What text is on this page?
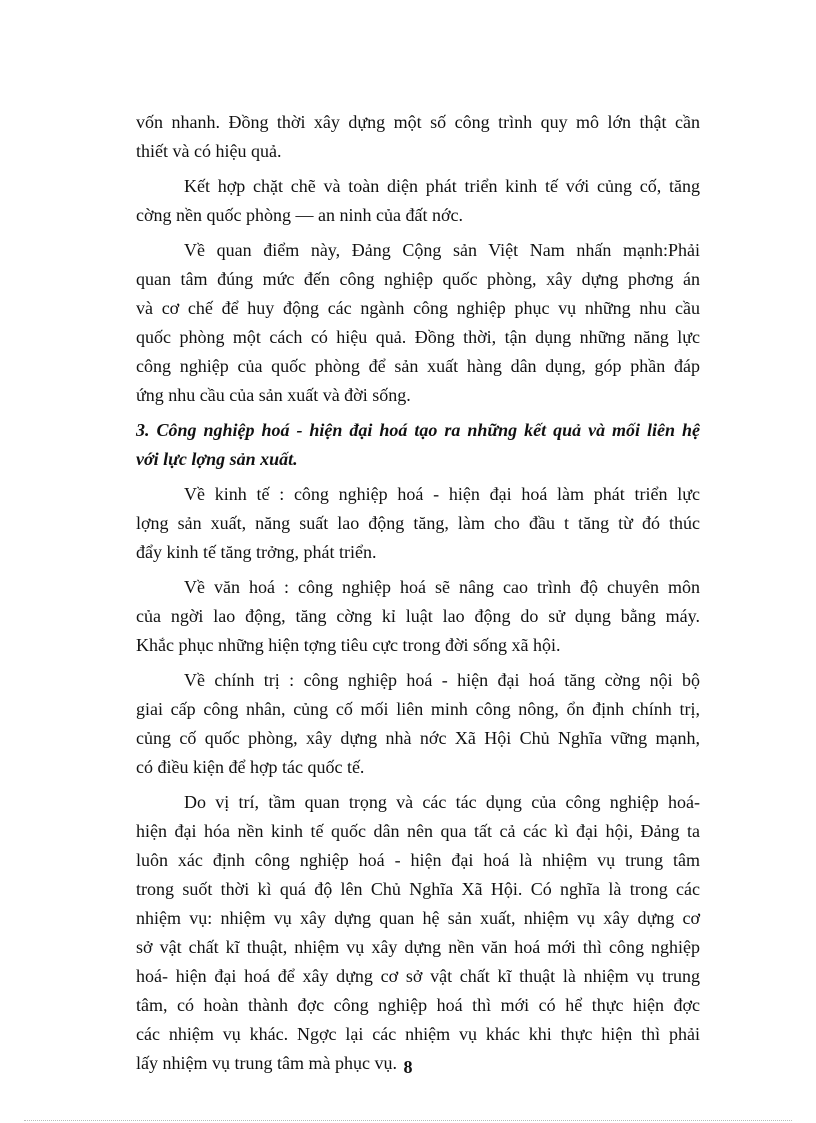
vốn nhanh. Đồng thời xây dựng một số công trình quy mô lớn thật cần
thiết và có hiệu quả.
Kết hợp chặt chẽ và toàn diện phát triển kinh tế với củng cố, tăng
cờng nền quốc phòng — an ninh của đất nớc.
Về quan điểm này, Đảng Cộng sản Việt Nam nhấn mạnh:Phải
quan tâm đúng mức đến công nghiệp quốc phòng, xây dựng phơng án
và cơ chế để huy động các ngành công nghiệp phục vụ những nhu cầu
quốc phòng một cách có hiệu quả. Đồng thời, tận dụng những năng lực
công nghiệp của quốc phòng để sản xuất hàng dân dụng, góp phần đáp
ứng nhu cầu của sản xuất và đời sống.
3. Công nghiệp hoá - hiện đại hoá tạo ra những kết quả và mối liên hệ
với lực lợng sản xuất.
Về kinh tế : công nghiệp hoá - hiện đại hoá làm phát triển lực
lợng sản xuất, năng suất lao động tăng, làm cho đầu t tăng từ đó thúc
đẩy kinh tế tăng trởng, phát triển.
Về văn hoá : công nghiệp hoá sẽ nâng cao trình độ chuyên môn
của ngời lao động, tăng cờng kỉ luật lao động do sử dụng bằng máy.
Khắc phục những hiện tợng tiêu cực trong đời sống xã hội.
Về chính trị : công nghiệp hoá - hiện đại hoá tăng cờng nội bộ
giai cấp công nhân, củng cố mối liên minh công nông, ổn định chính trị,
củng cố quốc phòng, xây dựng nhà nớc Xã Hội Chủ Nghĩa vững mạnh,
có điều kiện để hợp tác quốc tế.
Do vị trí, tầm quan trọng và các tác dụng của công nghiệp hoá-
hiện đại hóa nền kinh tế quốc dân nên qua tất cả các kì đại hội, Đảng ta
luôn xác định công nghiệp hoá - hiện đại hoá là nhiệm vụ trung tâm
trong suốt thời kì quá độ lên Chủ Nghĩa Xã Hội. Có nghĩa là trong các
nhiệm vụ: nhiệm vụ xây dựng quan hệ sản xuất, nhiệm vụ xây dựng cơ
sở vật chất kĩ thuật, nhiệm vụ xây dựng nền văn hoá mới thì công nghiệp
hoá- hiện đại hoá để xây dựng cơ sở vật chất kĩ thuật là nhiệm vụ trung
tâm, có hoàn thành đợc công nghiệp hoá thì mới có hể thực hiện đợc
các nhiệm vụ khác. Ngợc lại các nhiệm vụ khác khi thực hiện thì phải
lấy nhiệm vụ trung tâm mà phục vụ. 8
